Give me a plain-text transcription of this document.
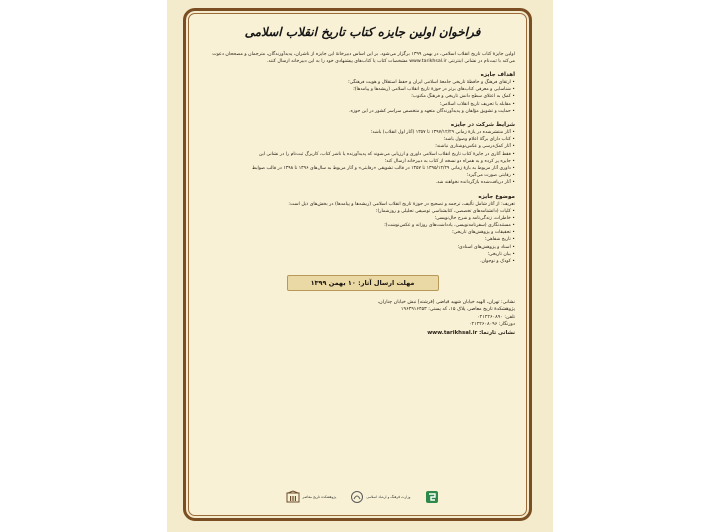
فراخوان اولین جایزه کتاب تاریخ انقلاب اسلامی
اولین جایزهٔ کتاب تاریخ انقلاب اسلامی، در بهمن ۱۳۹۹ برگزار می‌شود. بر این اساس دبیرخانهٔ این جایزه از ناشران، پدیدآورندگان، مترجمان و مصححان دعوت می‌کند با ثبت‌نام در نشانی اینترنتی www.tarikhsal.ir مشخصات کتاب یا کتاب‌های پیشنهادی خود را به این دبیرخانه ارسال کنند.
اهداف جایزه
• ارتقای فرهنگ و حافظهٔ تاریخی جامعهٔ اسلامی ایران و حفظ استقلال و هویت فرهنگی؛
• شناسایی و معرفی کتاب‌های برتر در حوزهٔ تاریخ انقلاب اسلامی (ریشه‌ها و پیامدها)؛
• کمک به اعتلای سطح دانش تاریخی و فرهنگ مکتوب؛
• مقابله با تحریف تاریخ انقلاب اسلامی؛
• حمایت و تشویق مؤلفان و پدیدآورندگان متعهد و متخصص سراسر کشور در این حوزه.
شرایط شرکت در جایزه
• آثار منتشرشده در بازهٔ زمانی ۱۳۹۷/۱۲/۲۹ تا ۱۳۵۷ (آثار اول انقلاب) باشد؛
• کتاب دارای برگهٔ اعلام وصول باشد؛
• آثار کمک‌درسی و عکس‌نوشتاری نباشند؛
• فقط آثاری در جایزهٔ کتاب تاریخ انقلاب اسلامی داوری و ارزیابی می‌شوند که پدیدآورنده یا ناشر کتاب، کاربرگ ثبت‌نام را در نشانی این
• جایزه پر کرده و به همراه دو نسخه از کتاب به دبیرخانه ارسال کند؛
• داوری آثار مربوط به بازهٔ زمانی ۱۳۹۵/۱۲/۲۹ تا ۱۳۵۷ در قالب تشویقی «رقابتی» و آثار مربوط به سال‌های ۱۳۹۶ تا ۱۳۹۸ در قالب ضوابط
• رقابتی صورت می‌گیرد؛
• آثار دریافت‌شده بازگردانده نخواهند شد.
موضوع جایزه
تعریف: از آثار شامل تألیف، ترجمه و تصحیح در حوزهٔ تاریخ انقلاب اسلامی (ریشه‌ها و پیامدها) در بخش‌های ذیل است:
• کلیات (دانشنامه‌های تخصصی، کتابشناسی توصیفی تحلیلی و روزشمار)؛
• خاطرات، زندگی‌نامه و شرح حال‌نویسی؛
• مستندنگاری (سفرنامه‌نویسی، یادداشت‌های روزانه و عکس‌نوشت)؛
• تحقیقات و پژوهش‌های تاریخی؛
• تاریخ شفاهی؛
• اسناد و پژوهش‌های اسنادی؛
• بیان تاریخی؛
• کودک و نوجوان.
مهلت ارسال آثار: ۱۰ بهمن ۱۳۹۹
نشانی: تهران، الهیه خیابان شهید فیاضی (فرشته) نبش خیابان چناران،
پژوهشکدهٔ تاریخ معاصر، پلاک ۱۵، کد پستی: ۱۹۶۴۹۱۶۴۵۳
تلفن: ۰۲۱۲۲۶۰۸۹۰
دورنگار: ۰۲۱۲۲۶۰۸۰۹۶
نشانی تارنما: www.tarikhsal.ir
پژوهشکده تاریخ معاصر	وزارت فرهنگ و ارشاد اسلامی
